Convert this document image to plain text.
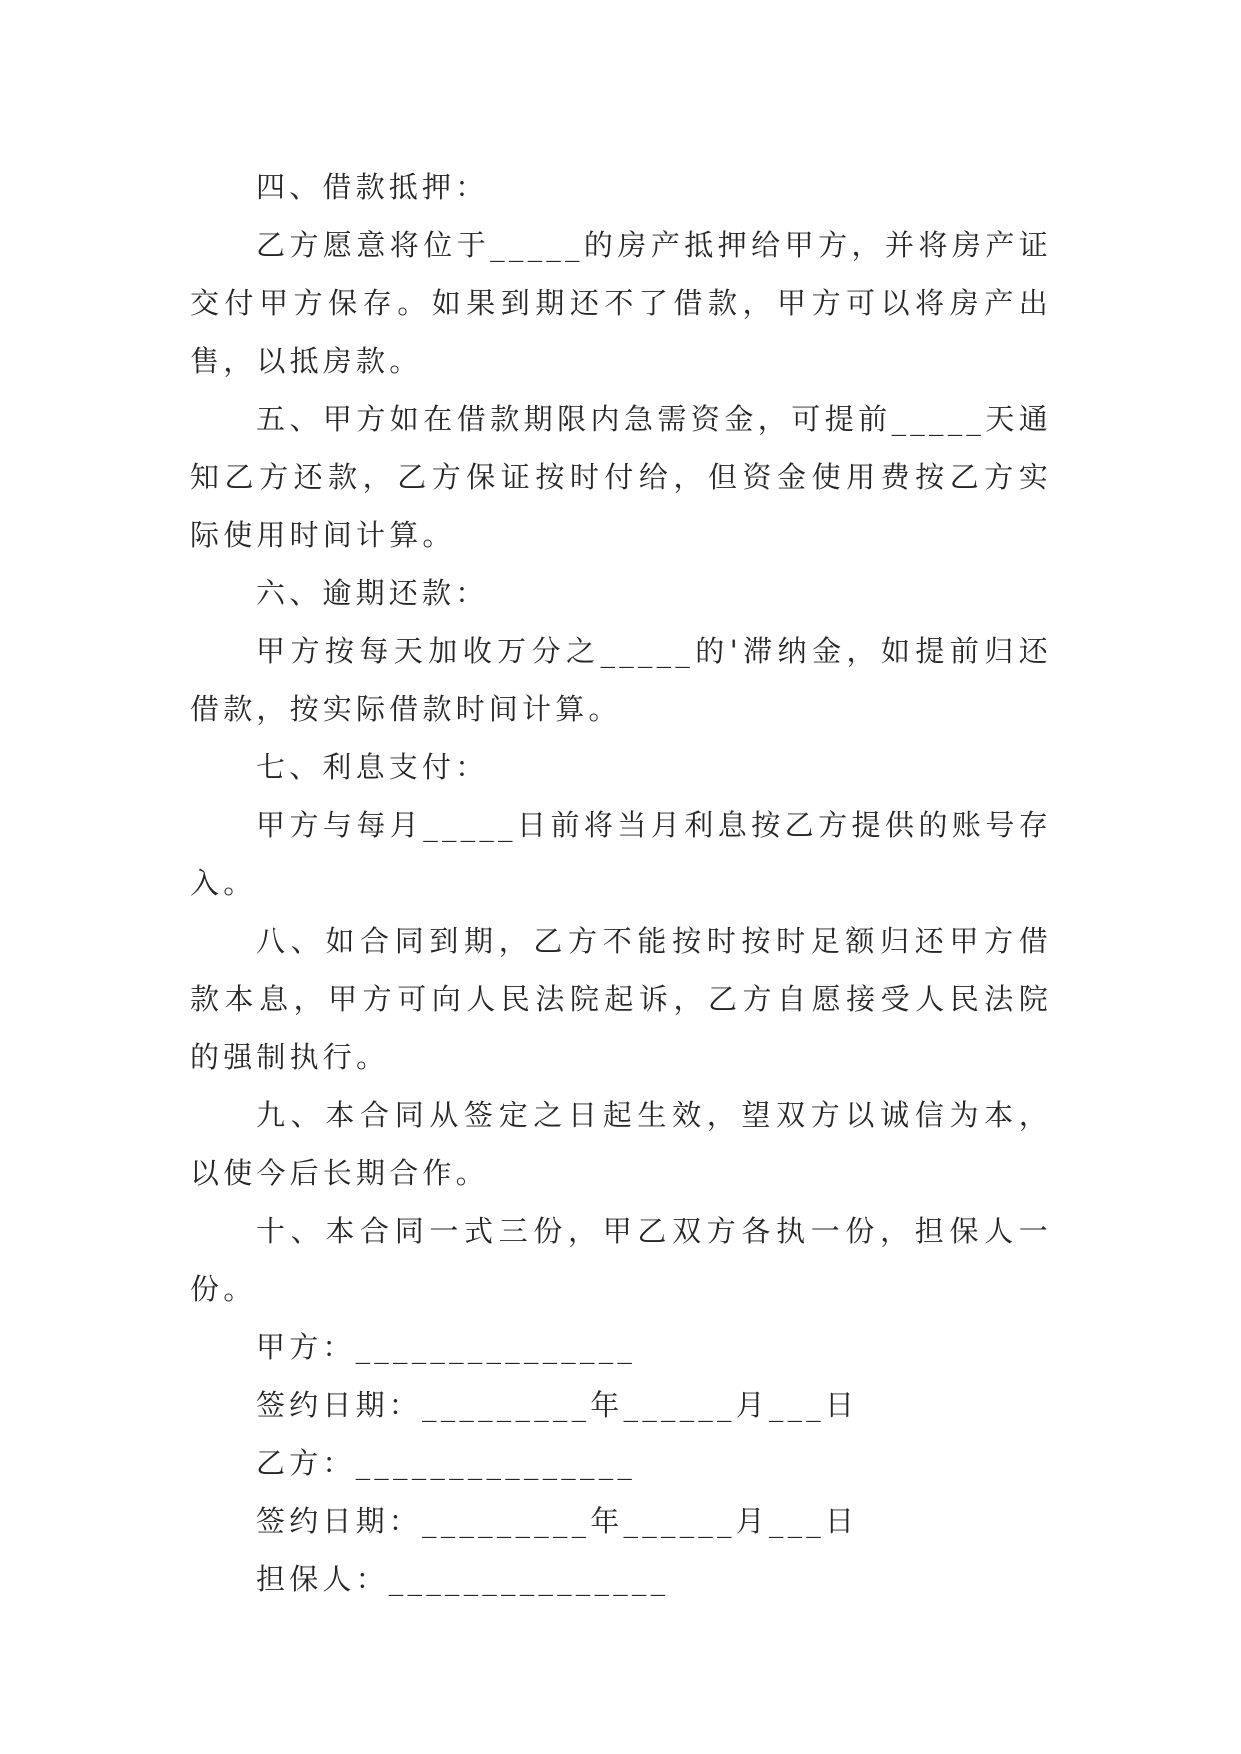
四、借款抵押：

乙方愿意将位于_____的房产抵押给甲方，并将房产证交付甲方保存。如果到期还不了借款，甲方可以将房产出售，以抵房款。

五、甲方如在借款期限内急需资金，可提前_____天通知乙方还款，乙方保证按时付给，但资金使用费按乙方实际使用时间计算。

六、逾期还款：

甲方按每天加收万分之_____的'滞纳金，如提前归还借款，按实际借款时间计算。

七、利息支付：

甲方与每月_____日前将当月利息按乙方提供的账号存入。

八、如合同到期，乙方不能按时按时足额归还甲方借款本息，甲方可向人民法院起诉，乙方自愿接受人民法院的强制执行。

九、本合同从签定之日起生效，望双方以诚信为本，以使今后长期合作。

十、本合同一式三份，甲乙双方各执一份，担保人一份。

甲方：_______________

签约日期：_________年______月___日

乙方：_______________

签约日期：_________年______月___日

担保人：_______________
